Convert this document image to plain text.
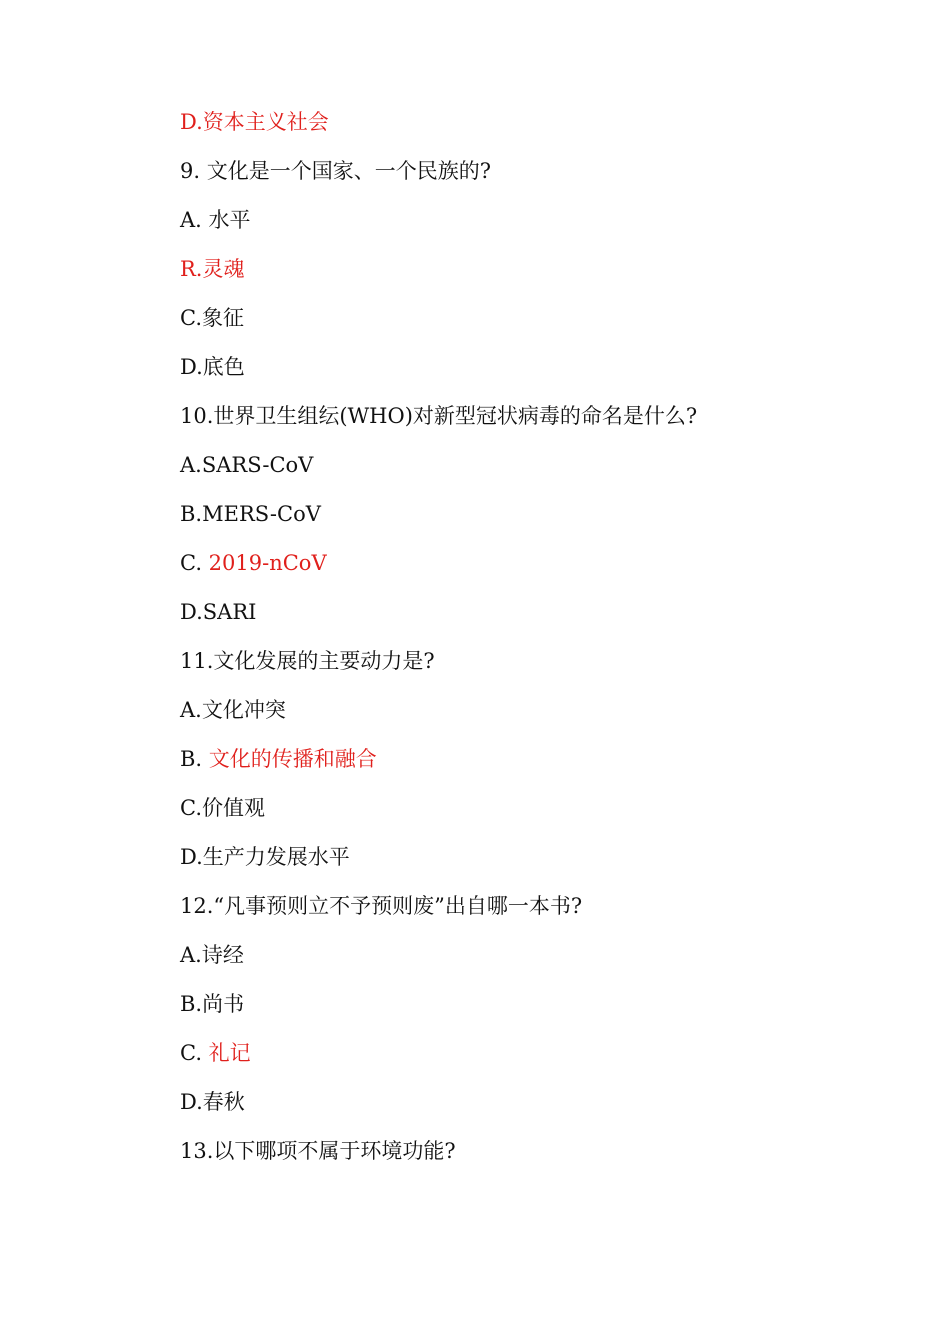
D.资本主义社会
9. 文化是一个国家、一个民族的?
A. 水平
R.灵魂
C.象征
D.底色
10.世界卫生组纭(WHO)对新型冠状病毒的命名是什么?
A.SARS-CoV
B.MERS-CoV
C. 2019-nCoV
D.SARI
11.文化发展的主要动力是?
A.文化冲突
B. 文化的传播和融合
C.价值观
D.生产力发展水平
12.“凡事预则立不予预则废”出自哪一本书?
A.诗经
B.尚书
C. 礼记
D.春秋
13.以下哪项不属于环境功能?
